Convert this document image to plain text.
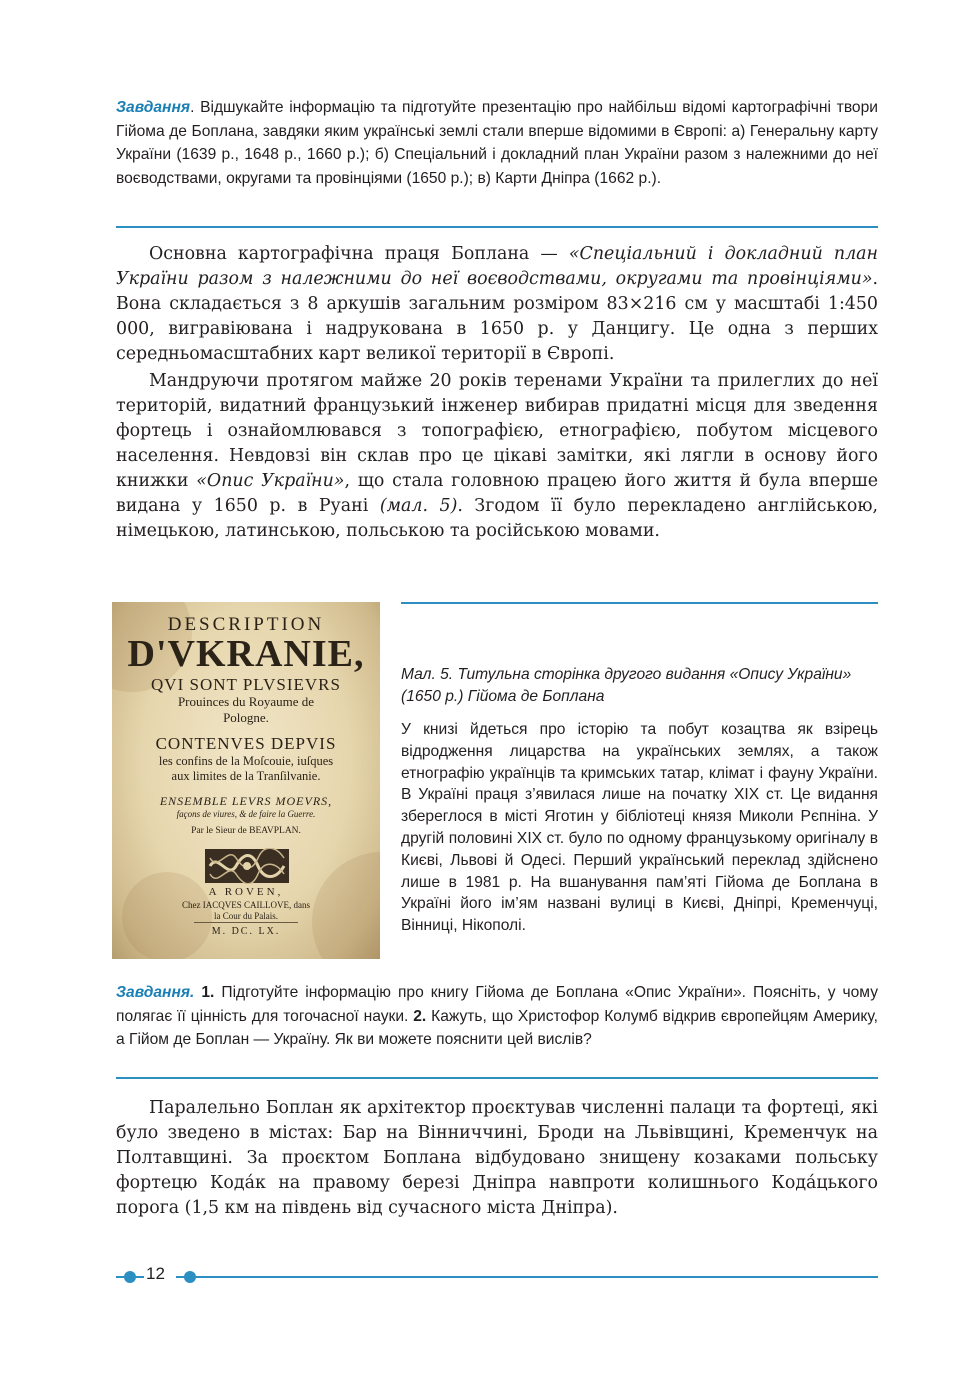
Завдання. Відшукайте інформацію та підготуйте презентацію про найбільш відомі картографічні твори Гійома де Боплана, завдяки яким українські землі стали вперше відомими в Європі: а) Генеральну карту України (1639 р., 1648 р., 1660 р.); б) Спеціальний і докладний план України разом з належними до неї воєводствами, округами та провінціями (1650 р.); в) Карти Дніпра (1662 р.).

Основна картографічна праця Боплана — «Спеціальний і докладний план України разом з належними до неї воєводствами, округами та провінціями». Вона складається з 8 аркушів загальним розміром 83×216 см у масштабі 1:450 000, вигравіювана і надрукована в 1650 р. у Данцигу. Це одна з перших середньомасштабних карт великої території в Європі.

Мандруючи протягом майже 20 років теренами України та прилеглих до неї територій, видатний французький інженер вибирав придатні місця для зведення фортець і ознайомлювався з топографією, етнографією, побутом місцевого населення. Невдовзі він склав про це цікаві замітки, які лягли в основу його книжки «Опис України», що стала головною працею його життя й була вперше видана у 1650 р. в Руані (мал. 5). Згодом її було перекладено англійською, німецькою, латинською, польською та російською мовами.

DESCRIPTION
D'VKRANIE,
QVI SONT PLVSIEVRS
Prouinces du Royaume de
Pologne.
CONTENVES DEPVIS
les confins de la Moſcouie, iuſques
aux limites de la Tranſilvanie.
ENSEMBLE LEVRS MOEVRS,
façons de viures, & de faire la Guerre.
Par le Sieur de BEAVPLAN.
A ROVEN,
Chez IACQVES CAILLOVE, dans
la Cour du Palais.
M. DC. LX.
Мал. 5. Титульна сторінка другого видання «Опису України» (1650 р.) Гійома де Боплана
У книзі йдеться про історію та побут козацтва як взірець відродження лицарства на українських землях, а також етнографію українців та кримських татар, клімат і фауну України. В Україні праця з’явилася лише на початку XIX ст. Це видання збереглося в місті Яготин у бібліотеці князя Миколи Рєпніна. У другій половині XIX ст. було по одному французькому оригіналу в Києві, Львові й Одесі. Перший український переклад здійснено лише в 1981 р. На вшанування пам’яті Гійома де Боплана в Україні його ім’ям названі вулиці в Києві, Дніпрі, Кременчуці, Вінниці, Нікополі.
Завдання. 1. Підготуйте інформацію про книгу Гійома де Боплана «Опис України». Поясніть, у чому полягає її цінність для тогочасної науки. 2. Кажуть, що Христофор Колумб відкрив європейцям Америку, а Гійом де Боплан — Україну. Як ви можете пояснити цей вислів?

Паралельно Боплан як архітектор проєктував численні палаци та фортеці, які було зведено в містах: Бар на Вінниччині, Броди на Львівщині, Кременчук на Полтавщині. За проєктом Боплана відбудовано знищену козаками польську фортецю Кода́к на правому березі Дніпра навпроти колишнього Кода́цького порога (1,5 км на південь від сучасного міста Дніпра).

12
